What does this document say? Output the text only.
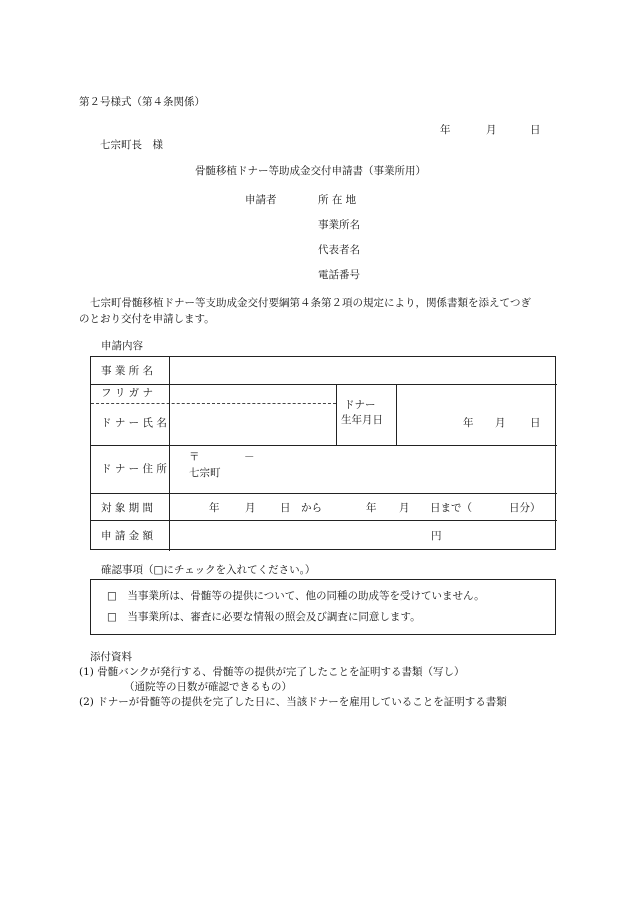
第２号様式（第４条関係）
年	月	日
七宗町長　様
骨髄移植ドナー等助成金交付申請書（事業所用）
申請者	所 在 地
事業所名
代表者名
電話番号
七宗町骨髄移植ドナー等支助成金交付要綱第４条第２項の規定により，関係書類を添えてつぎ
のとおり交付を申請します。
申請内容
事 業 所 名
フ リ ガ ナ
ド ナ ー 氏 名
ドナー
生年月日	年 月 日
ド ナ ー 住 所
〒	－
七宗町
対 象 期 間	年 月 日　から	年 月 日まで（	日分）
申 請 金 額	円
確認事項（□にチェックを入れてください。）
□　当事業所は、骨髄等の提供について、他の同種の助成等を受けていません。
□　当事業所は、審査に必要な情報の照会及び調査に同意します。
添付資料
(1) 骨髄バンクが発行する、骨髄等の提供が完了したことを証明する書類（写し）
（通院等の日数が確認できるもの）
(2) ドナーが骨髄等の提供を完了した日に、当該ドナーを雇用していることを証明する書類
